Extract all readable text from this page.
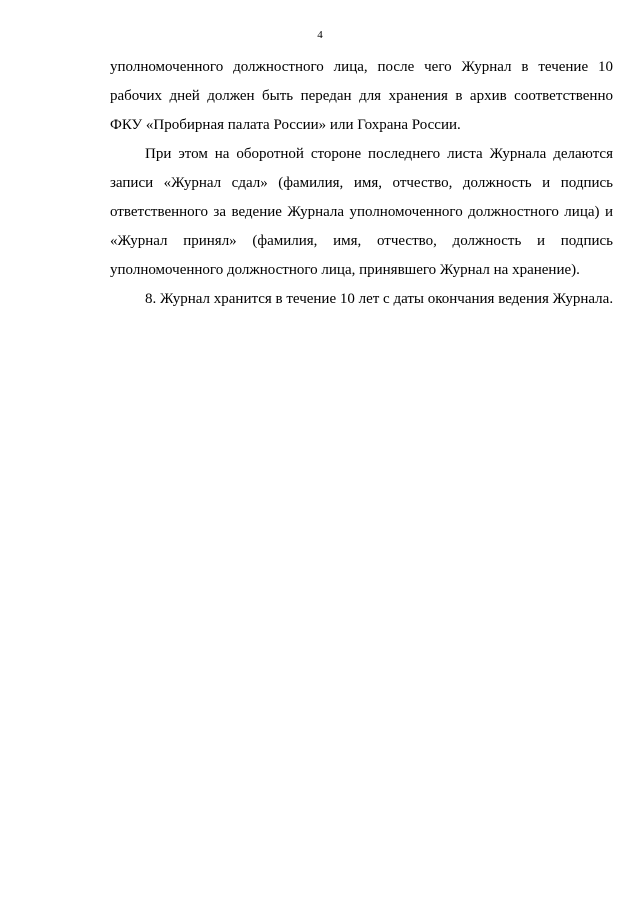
4
уполномоченного должностного лица, после чего Журнал в течение 10
рабочих дней должен быть передан для хранения в архив соответственно
ФКУ «Пробирная палата России» или Гохрана России.
При этом на оборотной стороне последнего листа Журнала делаются
записи «Журнал сдал» (фамилия, имя, отчество, должность и подпись
ответственного за ведение Журнала уполномоченного должностного лица) и
«Журнал принял» (фамилия, имя, отчество, должность и подпись
уполномоченного должностного лица, принявшего Журнал на хранение).
8. Журнал хранится в течение 10 лет с даты окончания ведения Журнала.
